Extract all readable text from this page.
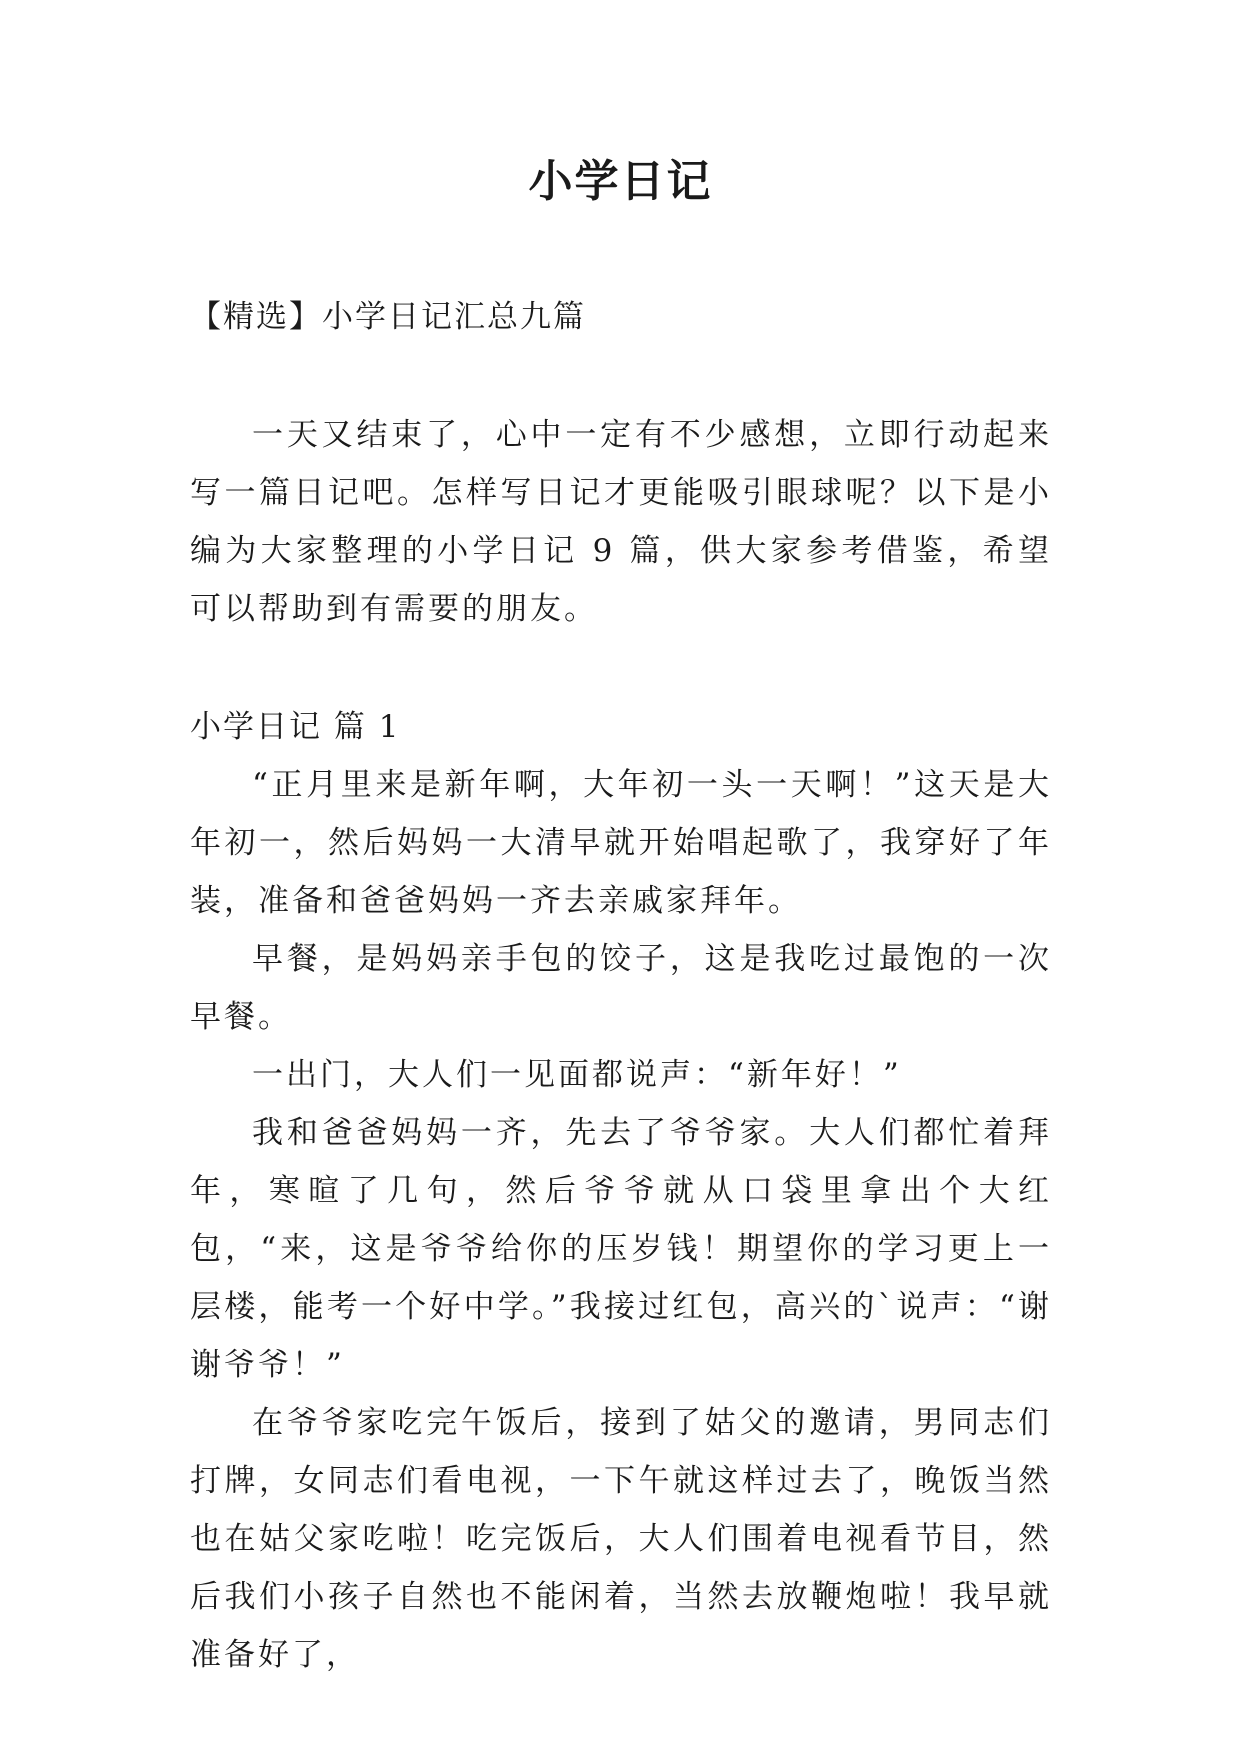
小学日记

【精选】小学日记汇总九篇

一天又结束了，心中一定有不少感想，立即行动起来写一篇日记吧。怎样写日记才更能吸引眼球呢？以下是小编为大家整理的小学日记 9 篇，供大家参考借鉴，希望可以帮助到有需要的朋友。

小学日记 篇 1

“正月里来是新年啊，大年初一头一天啊！”这天是大年初一，然后妈妈一大清早就开始唱起歌了，我穿好了年装，准备和爸爸妈妈一齐去亲戚家拜年。

早餐，是妈妈亲手包的饺子，这是我吃过最饱的一次早餐。

一出门，大人们一见面都说声：“新年好！”

我和爸爸妈妈一齐，先去了爷爷家。大人们都忙着拜年，寒暄了几句，然后爷爷就从口袋里拿出个大红包，“来，这是爷爷给你的压岁钱！期望你的学习更上一层楼，能考一个好中学。”我接过红包，高兴的`说声：“谢谢爷爷！”

在爷爷家吃完午饭后，接到了姑父的邀请，男同志们打牌，女同志们看电视，一下午就这样过去了，晚饭当然也在姑父家吃啦！吃完饭后，大人们围着电视看节目，然后我们小孩子自然也不能闲着，当然去放鞭炮啦！我早就准备好了，
